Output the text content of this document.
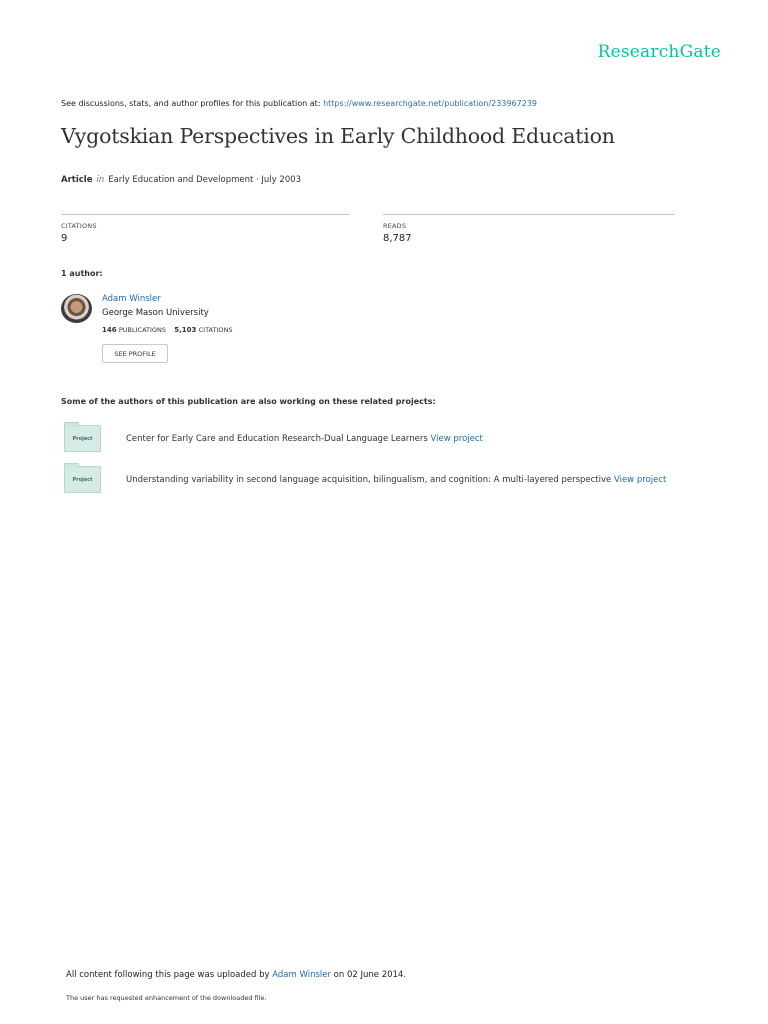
ResearchGate
See discussions, stats, and author profiles for this publication at: https://www.researchgate.net/publication/233967239
Vygotskian Perspectives in Early Childhood Education
Article in Early Education and Development · July 2003
CITATIONS
9
READS
8,787
1 author:
Adam Winsler
George Mason University
146 PUBLICATIONS 5,103 CITATIONS
SEE PROFILE
Some of the authors of this publication are also working on these related projects:
Project	Center for Early Care and Education Research-Dual Language Learners View project
Project	Understanding variability in second language acquisition, bilingualism, and cognition: A multi-layered perspective View project
All content following this page was uploaded by Adam Winsler on 02 June 2014.
The user has requested enhancement of the downloaded file.
